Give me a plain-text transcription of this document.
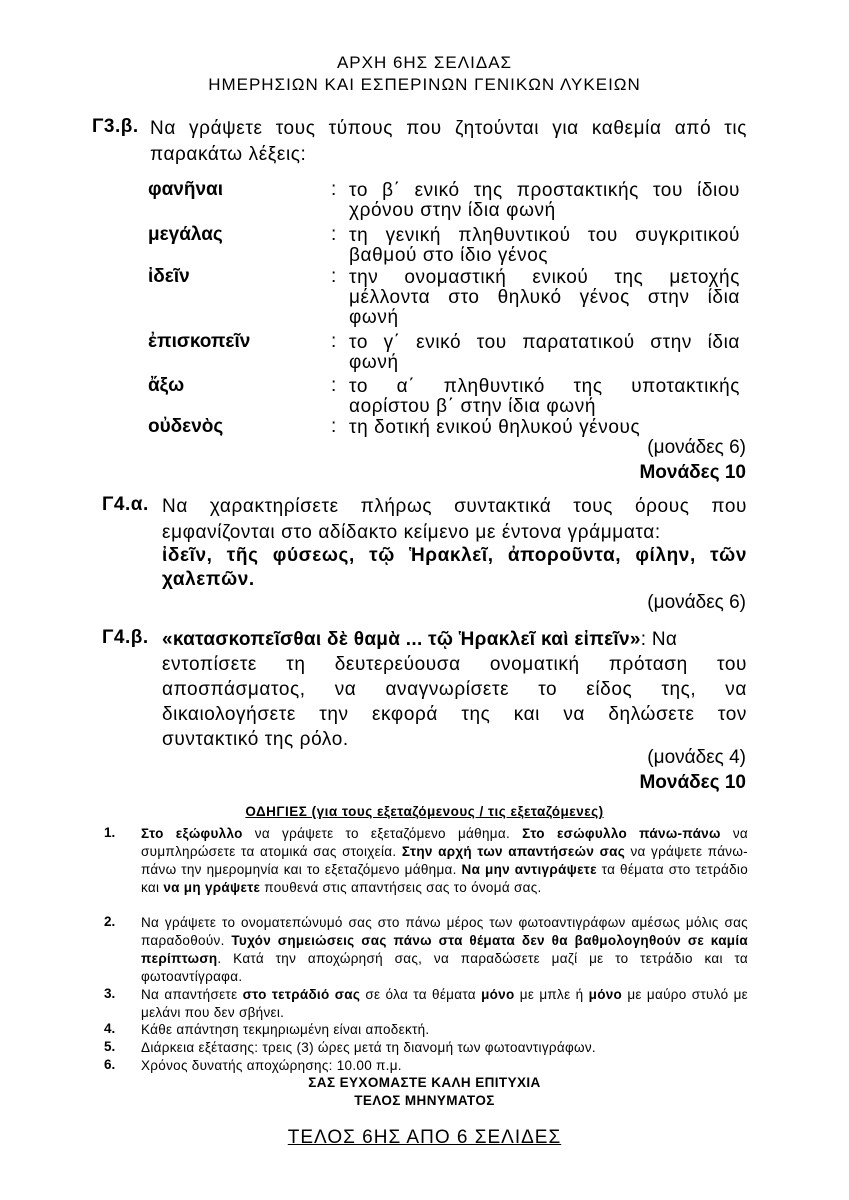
ΑΡΧΗ 6ΗΣ ΣΕΛΙΔΑΣ
ΗΜΕΡΗΣΙΩΝ ΚΑΙ ΕΣΠΕΡΙΝΩΝ ΓΕΝΙΚΩΝ ΛΥΚΕΙΩΝ
Γ3.β. Να γράψετε τους τύπους που ζητούνται για καθεμία από τις
παρακάτω λέξεις:
φανῆναι	: το β΄ ενικό της προστακτικής του ίδιου
χρόνου στην ίδια φωνή
μεγάλας	: τη γενική πληθυντικού του συγκριτικού
βαθμού στο ίδιο γένος
ἰδεῖν	: την ονομαστική ενικού της μετοχής
μέλλοντα στο θηλυκό γένος στην ίδια
φωνή
ἐπισκοπεῖν	: το γ΄ ενικό του παρατατικού στην ίδια
φωνή
ἄξω	: το α΄ πληθυντικό της υποτακτικής
αορίστου β΄ στην ίδια φωνή
οὐδενὸς	: τη δοτική ενικού θηλυκού γένους
(μονάδες 6)
Μονάδες 10
Γ4.α. Να χαρακτηρίσετε πλήρως συντακτικά τους όρους που
εμφανίζονται στο αδίδακτο κείμενο με έντονα γράμματα:
ἰδεῖν, τῆς φύσεως, τῷ Ἡρακλεῖ, ἀποροῦντα, φίλην, τῶν
χαλεπῶν.
(μονάδες 6)
Γ4.β. «κατασκοπεῖσθαι δὲ θαμὰ ... τῷ Ἡρακλεῖ καὶ εἰπεῖν»: Να
εντοπίσετε τη δευτερεύουσα ονοματική πρόταση του
αποσπάσματος, να αναγνωρίσετε το είδος της, να
δικαιολογήσετε την εκφορά της και να δηλώσετε τον
συντακτικό της ρόλο.
(μονάδες 4)
Μονάδες 10
ΟΔΗΓΙΕΣ (για τους εξεταζόμενους / τις εξεταζόμενες)
1. Στο εξώφυλλο να γράψετε το εξεταζόμενο μάθημα. Στο εσώφυλλο πάνω-πάνω να συμπληρώσετε τα ατομικά σας στοιχεία. Στην αρχή των απαντήσεών σας να γράψετε πάνω-πάνω την ημερομηνία και το εξεταζόμενο μάθημα. Να μην αντιγράψετε τα θέματα στο τετράδιο και να μη γράψετε πουθενά στις απαντήσεις σας το όνομά σας.
2. Να γράψετε το ονοματεπώνυμό σας στο πάνω μέρος των φωτοαντιγράφων αμέσως μόλις σας παραδοθούν. Τυχόν σημειώσεις σας πάνω στα θέματα δεν θα βαθμολογηθούν σε καμία περίπτωση. Κατά την αποχώρησή σας, να παραδώσετε μαζί με το τετράδιο και τα φωτοαντίγραφα.
3. Να απαντήσετε στο τετράδιό σας σε όλα τα θέματα μόνο με μπλε ή μόνο με μαύρο στυλό με μελάνι που δεν σβήνει.
4. Κάθε απάντηση τεκμηριωμένη είναι αποδεκτή.
5. Διάρκεια εξέτασης: τρεις (3) ώρες μετά τη διανομή των φωτοαντιγράφων.
6. Χρόνος δυνατής αποχώρησης: 10.00 π.μ.
ΣΑΣ ΕΥΧΟΜΑΣΤΕ ΚΑΛΗ ΕΠΙΤΥΧΙΑ
ΤΕΛΟΣ ΜΗΝΥΜΑΤΟΣ
ΤΕΛΟΣ 6ΗΣ ΑΠΟ 6 ΣΕΛΙΔΕΣ
